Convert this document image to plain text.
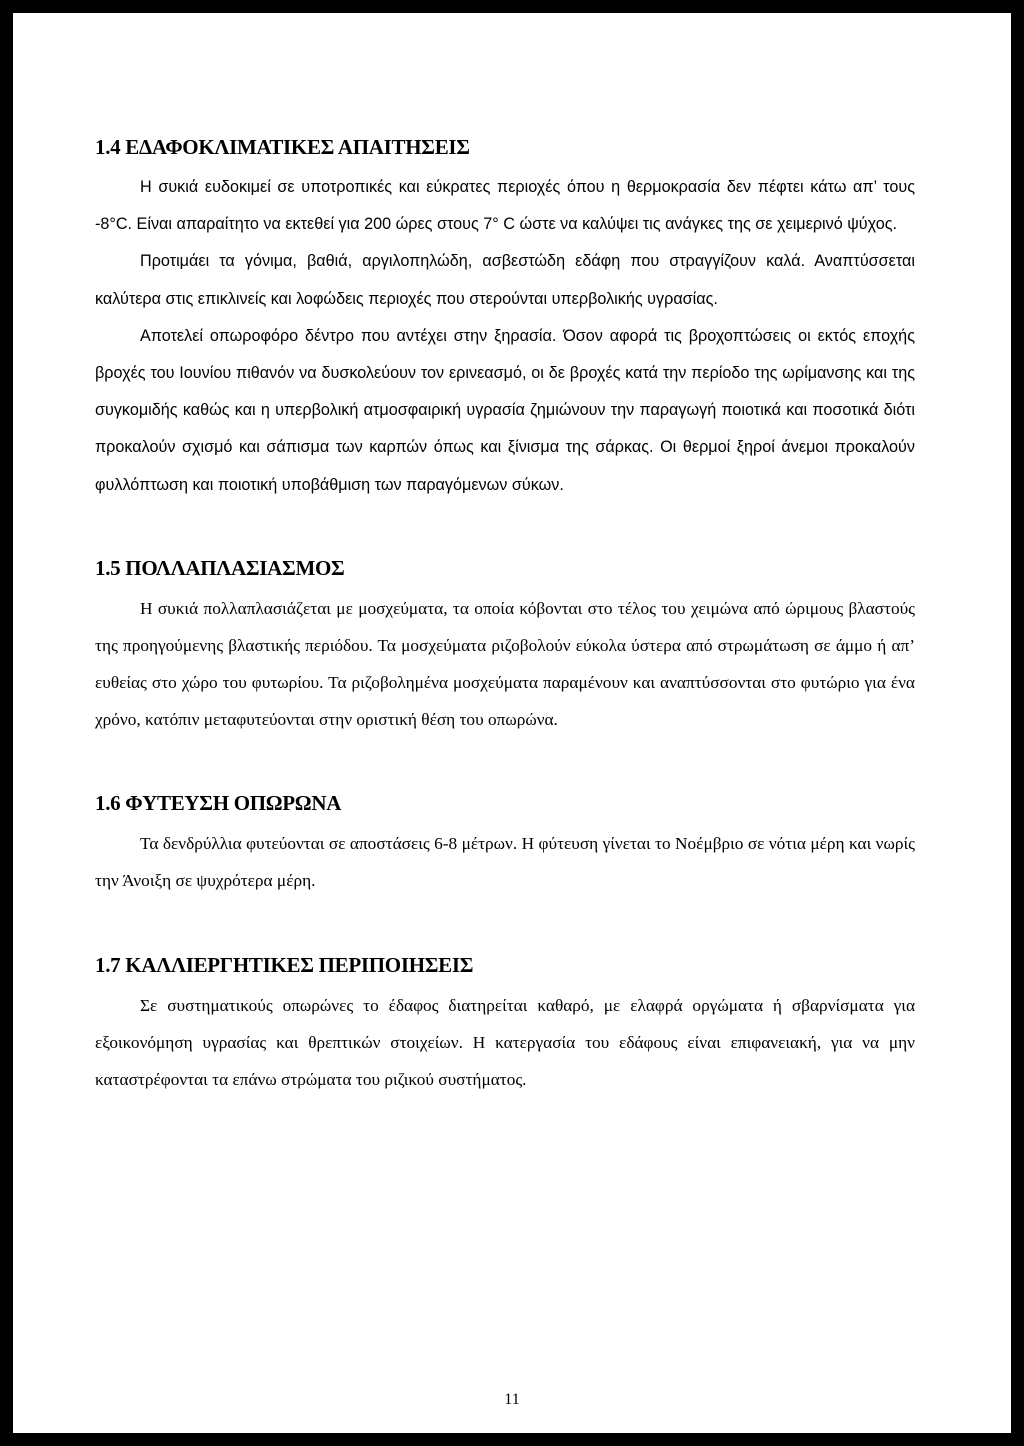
1.4 ΕΔΑΦΟΚΛΙΜΑΤΙΚΕΣ ΑΠΑΙΤΗΣΕΙΣ

Η συκιά ευδοκιμεί σε υποτροπικές και εύκρατες περιοχές όπου η θερμοκρασία δεν πέφτει κάτω απ’ τους -8°C. Είναι απαραίτητο να εκτεθεί για 200 ώρες στους 7° C ώστε να καλύψει τις ανάγκες της σε χειμερινό ψύχος.

Προτιμάει τα γόνιμα, βαθιά, αργιλοπηλώδη, ασβεστώδη εδάφη που στραγγίζουν καλά. Αναπτύσσεται καλύτερα στις επικλινείς και λοφώδεις περιοχές που στερούνται υπερβολικής υγρασίας.

Αποτελεί οπωροφόρο δέντρο που αντέχει στην ξηρασία. Όσον αφορά τις βροχοπτώσεις οι εκτός εποχής βροχές του Ιουνίου πιθανόν να δυσκολεύουν τον ερινεασμό, οι δε βροχές κατά την περίοδο της ωρίμανσης και της συγκομιδής καθώς και η υπερβολική ατμοσφαιρική υγρασία ζημιώνουν την παραγωγή ποιοτικά και ποσοτικά διότι προκαλούν σχισμό και σάπισμα των καρπών όπως και ξίνισμα της σάρκας. Οι θερμοί ξηροί άνεμοι προκαλούν φυλλόπτωση και ποιοτική υποβάθμιση των παραγόμενων σύκων.

1.5 ΠΟΛΛΑΠΛΑΣΙΑΣΜΟΣ

Η συκιά πολλαπλασιάζεται με μοσχεύματα, τα οποία κόβονται στο τέλος του χειμώνα από ώριμους βλαστούς της προηγούμενης βλαστικής περιόδου. Τα μοσχεύματα ριζοβολούν εύκολα ύστερα από στρωμάτωση σε άμμο ή απ’ ευθείας στο χώρο του φυτωρίου. Τα ριζοβολημένα μοσχεύματα παραμένουν και αναπτύσσονται στο φυτώριο για ένα χρόνο, κατόπιν μεταφυτεύονται στην οριστική θέση του οπωρώνα.

1.6 ΦΥΤΕΥΣΗ ΟΠΩΡΩΝΑ

Τα δενδρύλλια φυτεύονται σε αποστάσεις 6-8 μέτρων. Η φύτευση γίνεται το Νοέμβριο σε νότια μέρη και νωρίς την Άνοιξη σε ψυχρότερα μέρη.

1.7 ΚΑΛΛΙΕΡΓΗΤΙΚΕΣ ΠΕΡΙΠΟΙΗΣΕΙΣ

Σε συστηματικούς οπωρώνες το έδαφος διατηρείται καθαρό, με ελαφρά οργώματα ή σβαρνίσματα για εξοικονόμηση υγρασίας και θρεπτικών στοιχείων. Η κατεργασία του εδάφους είναι επιφανειακή, για να μην καταστρέφονται τα επάνω στρώματα του ριζικού συστήματος.

11
